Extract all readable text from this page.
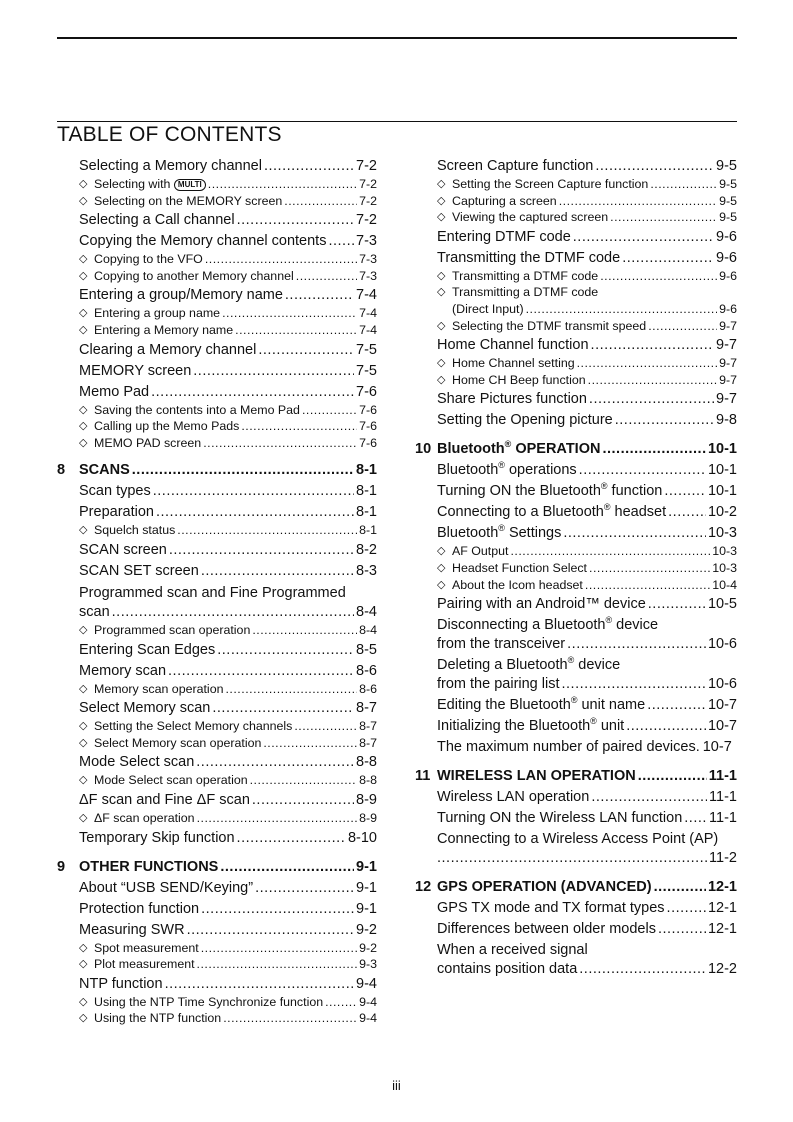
TABLE OF CONTENTS
Selecting a Memory channel .....	7-2
◇ Selecting with MULTI .....	7-2
◇ Selecting on the MEMORY screen .....	7-2
Selecting a Call channel .....	7-2
Copying the Memory channel contents ..... 7-3
◇ Copying to the VFO .....	7-3
◇ Copying to another Memory channel .....	7-3
Entering a group/Memory name .....	7-4
◇ Entering a group name .....	7-4
◇ Entering a Memory name .....	7-4
Clearing a Memory channel .....	7-5
MEMORY screen .....	7-5
Memo Pad .....	7-6
◇ Saving the contents into a Memo Pad .....	7-6
◇ Calling up the Memo Pads .....	7-6
◇ MEMO PAD screen .....	7-6
8 SCANS .....	8-1
Scan types .....	8-1
Preparation .....	8-1
◇ Squelch status .....	8-1
SCAN screen .....	8-2
SCAN SET screen .....	8-3
Programmed scan and Fine Programmed
scan .....	8-4
◇ Programmed scan operation .....	8-4
Entering Scan Edges .....	8-5
Memory scan .....	8-6
◇ Memory scan operation .....	8-6
Select Memory scan .....	8-7
◇ Setting the Select Memory channels .....	8-7
◇ Select Memory scan operation .....	8-7
Mode Select scan .....	8-8
◇ Mode Select scan operation .....	8-8
ΔF scan and Fine ΔF scan .....	8-9
◇ ΔF scan operation .....	8-9
Temporary Skip function .....	8-10
9 OTHER FUNCTIONS .....	9-1
About “USB SEND/Keying” .....	9-1
Protection function .....	9-1
Measuring SWR .....	9-2
◇ Spot measurement .....	9-2
◇ Plot measurement .....	9-3
NTP function .....	9-4
◇ Using the NTP Time Synchronize function .....	9-4
◇ Using the NTP function .....	9-4
Screen Capture function .....	9-5
◇ Setting the Screen Capture function .....	9-5
◇ Capturing a screen .....	9-5
◇ Viewing the captured screen .....	9-5
Entering DTMF code .....	9-6
Transmitting the DTMF code .....	9-6
◇ Transmitting a DTMF code .....	9-6
◇ Transmitting a DTMF code
(Direct Input) .....	9-6
◇ Selecting the DTMF transmit speed .....	9-7
Home Channel function .....	9-7
◇ Home Channel setting .....	9-7
◇ Home CH Beep function .....	9-7
Share Pictures function .....	9-7
Setting the Opening picture .....	9-8
10 Bluetooth® OPERATION .....	10-1
Bluetooth® operations .....	10-1
Turning ON the Bluetooth® function .....	10-1
Connecting to a Bluetooth® headset .....	10-2
Bluetooth® Settings .....	10-3
◇ AF Output .....	10-3
◇ Headset Function Select .....	10-3
◇ About the Icom headset .....	10-4
Pairing with an Android™ device .....	10-5
Disconnecting a Bluetooth® device
from the transceiver .....	10-6
Deleting a Bluetooth® device
from the pairing list .....	10-6
Editing the Bluetooth® unit name .....	10-7
Initializing the Bluetooth® unit .....	10-7
The maximum number of paired devices. 10-7
11 WIRELESS LAN OPERATION .....	11-1
Wireless LAN operation .....	11-1
Turning ON the Wireless LAN function ..... 11-1
Connecting to a Wireless Access Point (AP)
.....
11-2
12 GPS OPERATION (ADVANCED) .....	12-1
GPS TX mode and TX format types .....	12-1
Differences between older models .....	12-1
When a received signal
contains position data .....	12-2
iii
